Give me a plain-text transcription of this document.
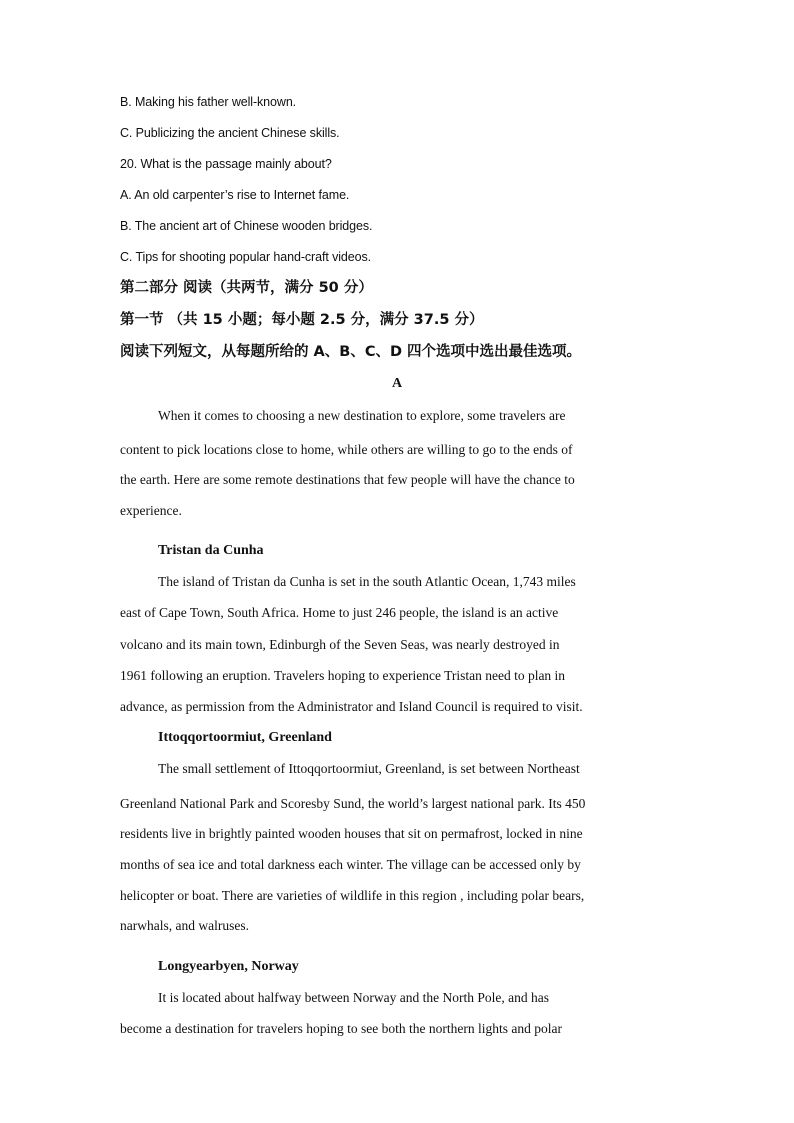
B. Making his father well-known.
C. Publicizing the ancient Chinese skills.
20. What is the passage mainly about?
A. An old carpenter’s rise to Internet fame.
B. The ancient art of Chinese wooden bridges.
C. Tips for shooting popular hand-craft videos.
第二部分 阅读（共两节，满分 50 分）
第一节 （共 15 小题；每小题 2.5 分，满分 37.5 分）
阅读下列短文，从每题所给的 A、B、C、D 四个选项中选出最佳选项。
A
When it comes to choosing a new destination to explore, some travelers are
content to pick locations close to home, while others are willing to go to the ends of
the earth. Here are some remote destinations that few people will have the chance to
experience.
Tristan da Cunha
The island of Tristan da Cunha is set in the south Atlantic Ocean, 1,743 miles
east of Cape Town, South Africa. Home to just 246 people, the island is an active
volcano and its main town, Edinburgh of the Seven Seas, was nearly destroyed in
1961 following an eruption. Travelers hoping to experience Tristan need to plan in
advance, as permission from the Administrator and Island Council is required to visit.
Ittoqqortoormiut, Greenland
The small settlement of Ittoqqortoormiut, Greenland, is set between Northeast
Greenland National Park and Scoresby Sund, the world’s largest national park. Its 450
residents live in brightly painted wooden houses that sit on permafrost, locked in nine
months of sea ice and total darkness each winter. The village can be accessed only by
helicopter or boat. There are varieties of wildlife in this region , including polar bears,
narwhals, and walruses.
Longyearbyen, Norway
It is located about halfway between Norway and the North Pole, and has
become a destination for travelers hoping to see both the northern lights and polar
